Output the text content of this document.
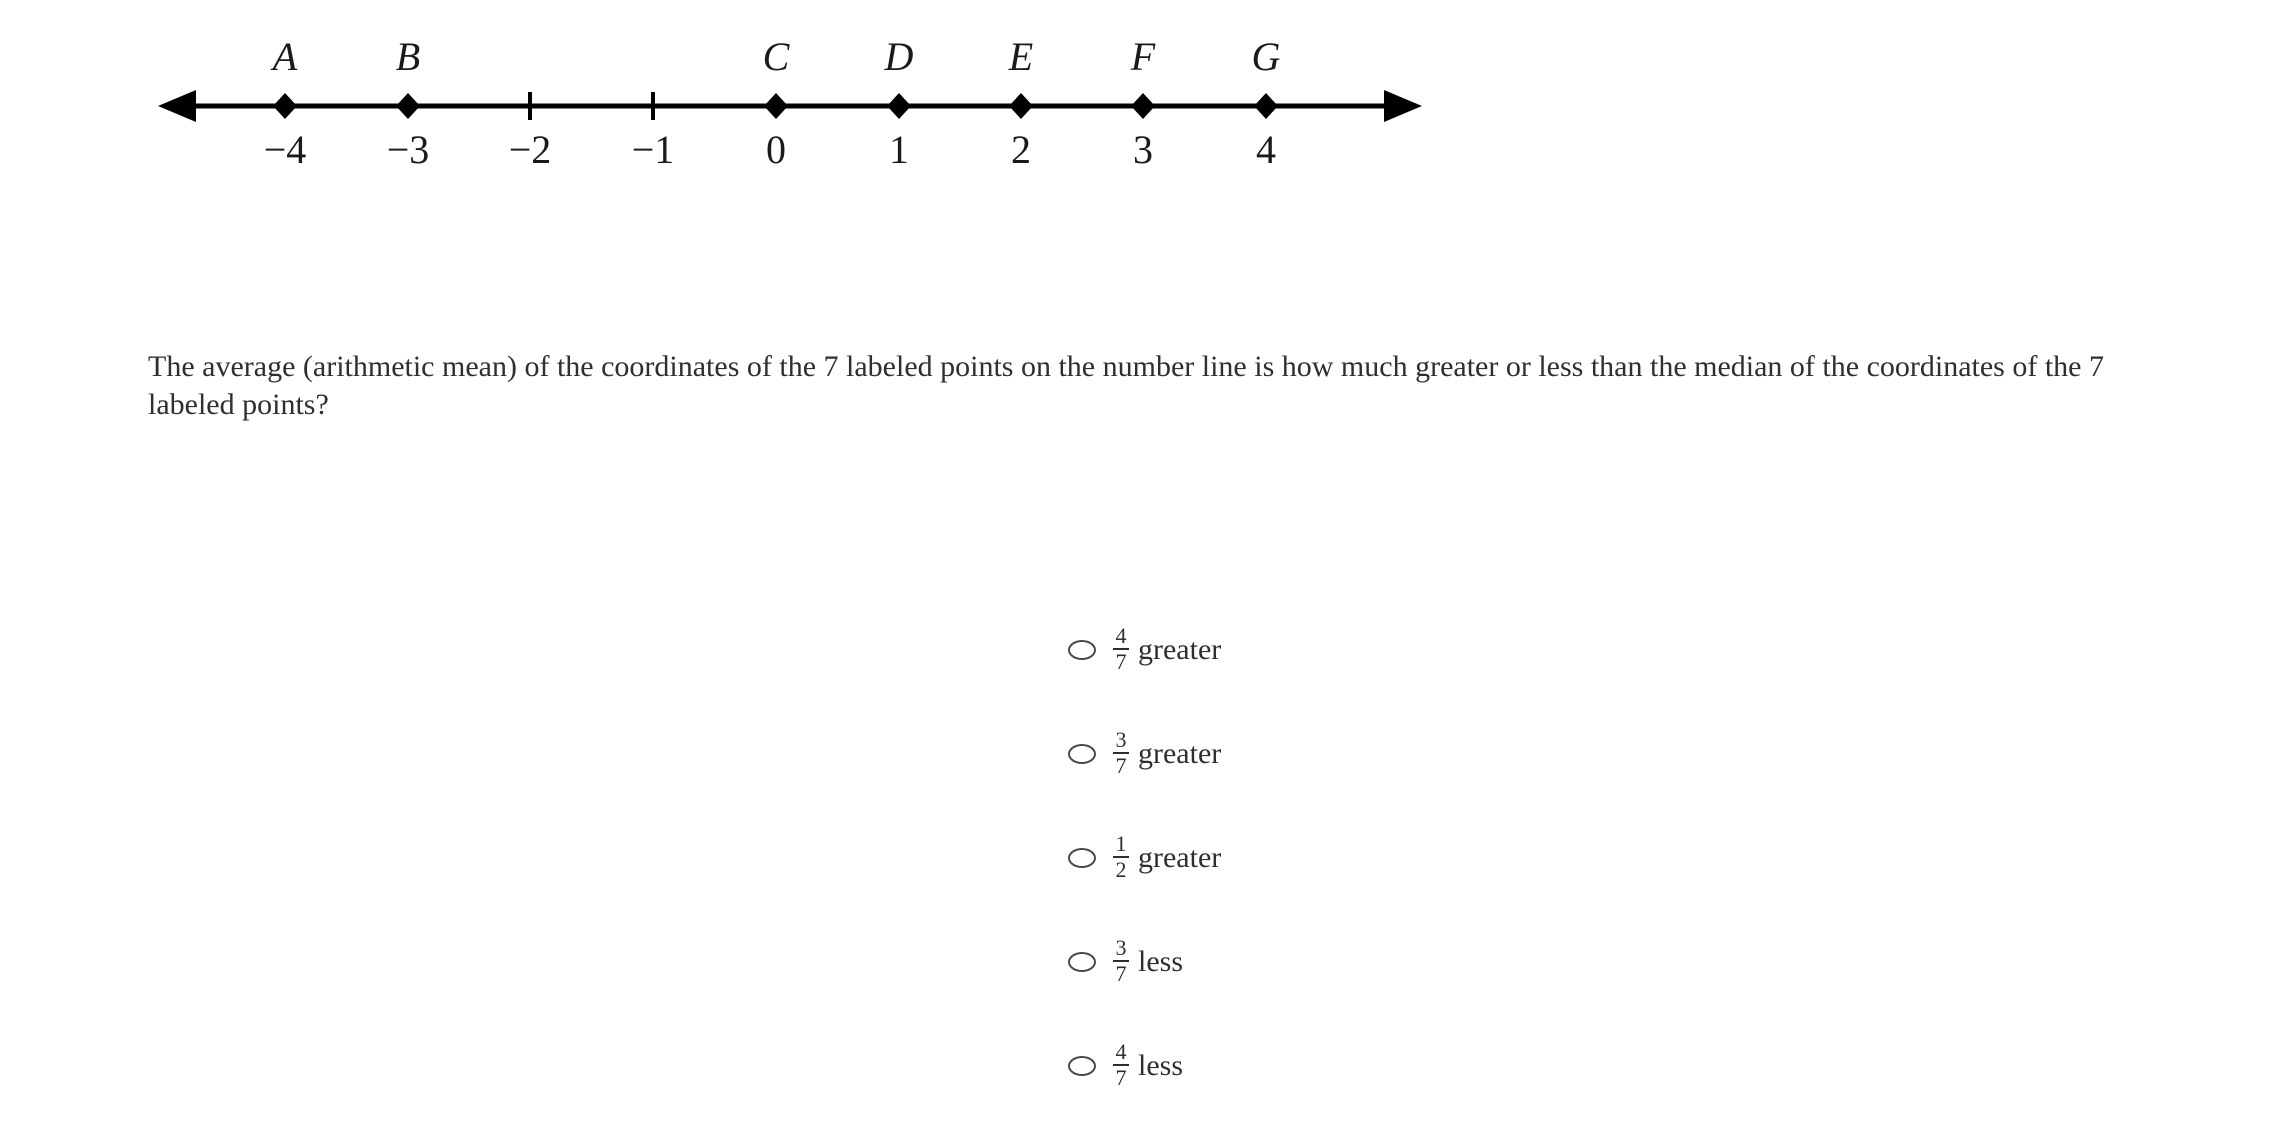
A B	C D E F G
−4 −3 −2 −1 0	1	2	3	4

The average (arithmetic mean) of the coordinates of the 7 labeled points on the number line is how much greater or less than the median of the coordinates of the 7 labeled points?

$\frac{4}{7}$ greater
$\frac{3}{7}$ greater
$\frac{1}{2}$ greater
$\frac{3}{7}$ less
$\frac{4}{7}$ less
